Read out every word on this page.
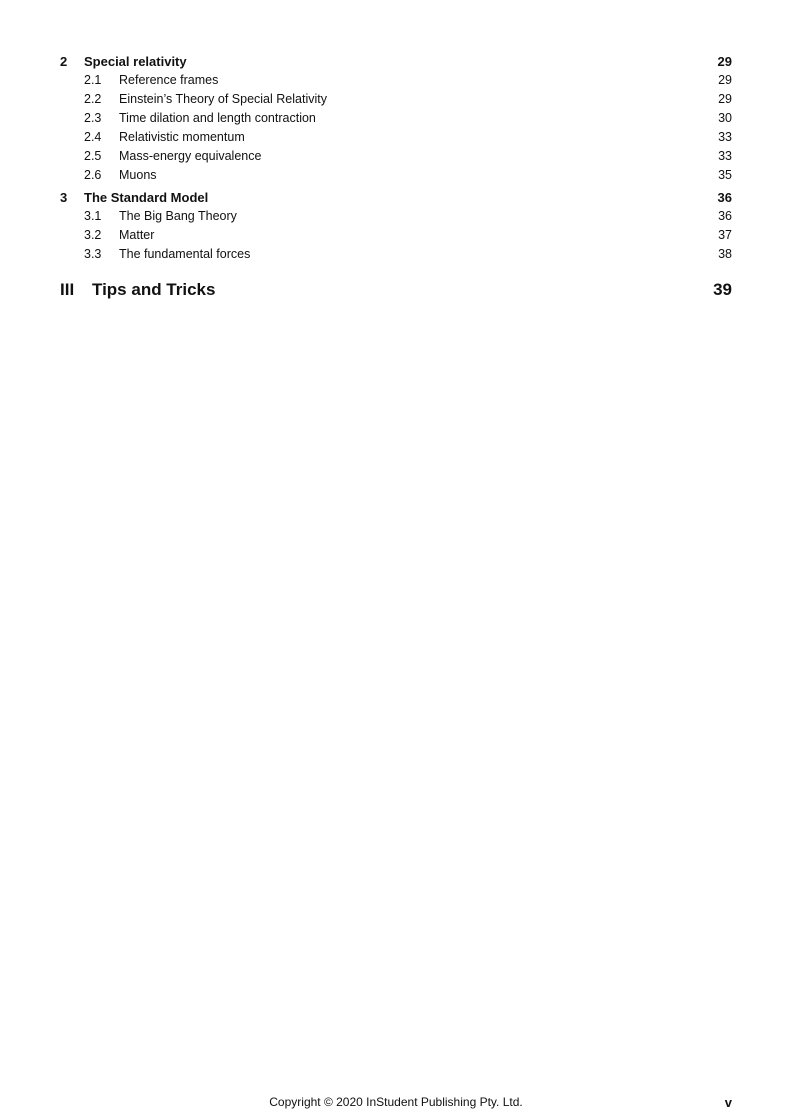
2	Special relativity	29
2.1	Reference frames	29
2.2	Einstein’s Theory of Special Relativity	29
2.3	Time dilation and length contraction	30
2.4	Relativistic momentum	33
2.5	Mass-energy equivalence	33
2.6	Muons	35
3	The Standard Model	36
3.1	The Big Bang Theory	36
3.2	Matter	37
3.3	The fundamental forces	38
III	Tips and Tricks	39
Copyright © 2020 InStudent Publishing Pty. Ltd.	v
